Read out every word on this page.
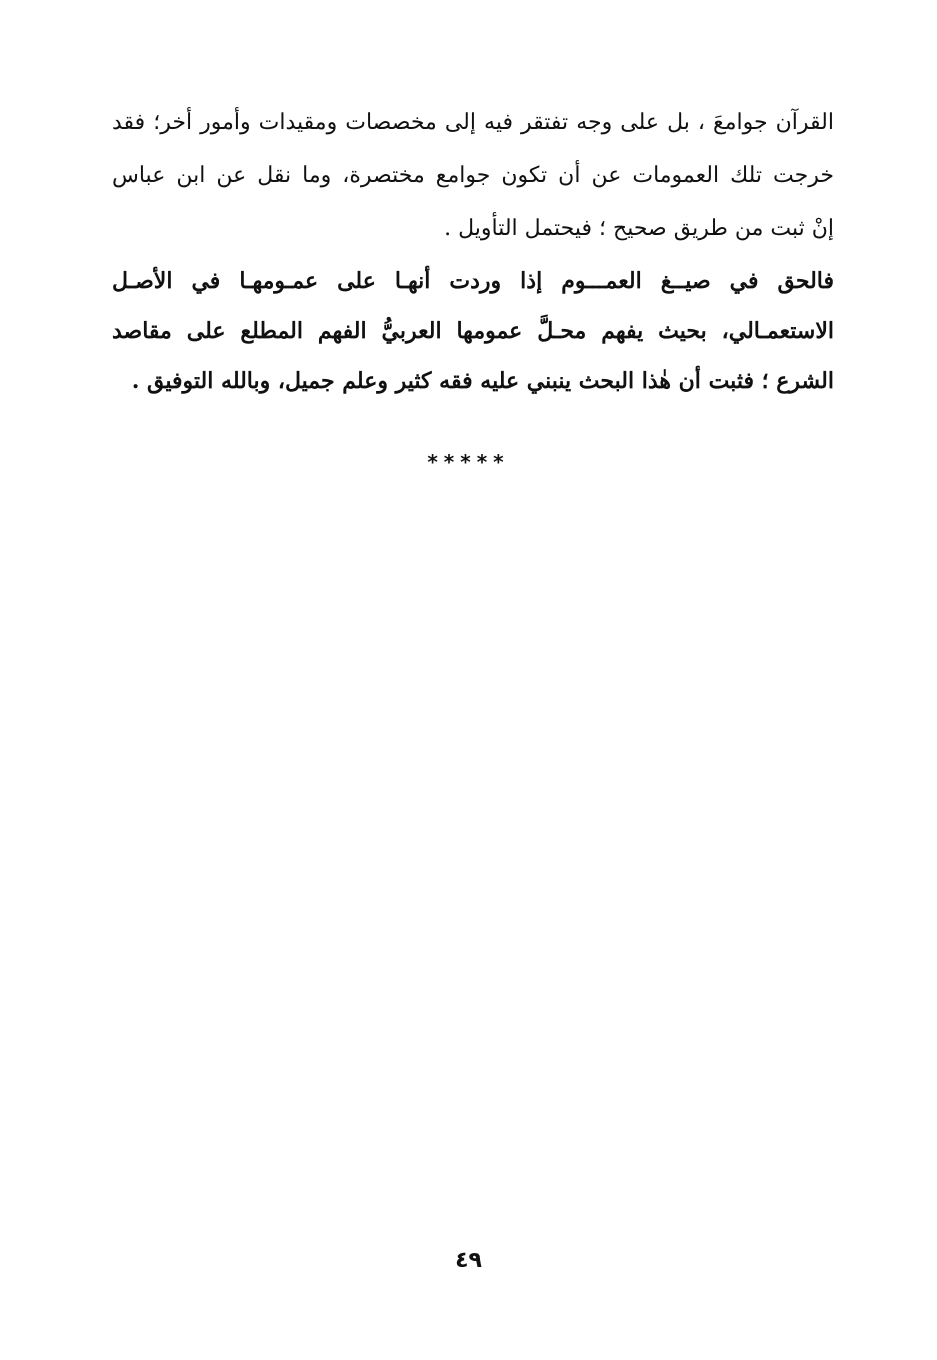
القرآن جوامعَ ، بل على وجه تفتقر فيه إلى مخصصات ومقيدات وأمور أخر؛ فقد
خرجت تلك العمومات عن أن تكون جوامع مختصرة، وما نقل عن ابن عباس
إنْ ثبت من طريق صحيح ؛ فيحتمل التأويل .
فالحق في صيــغ العمـــوم إذا وردت أنهـا على عمـومهـا في الأصـل
الاستعمـالي، بحيث يفهم محـلَّ عمومها العربيُّ الفهم المطلع على مقاصد
الشرع ؛ فثبت أن هٰذا البحث ينبني عليه فقه كثير وعلم جميل، وبالله التوفيق .
*****
٤٩
